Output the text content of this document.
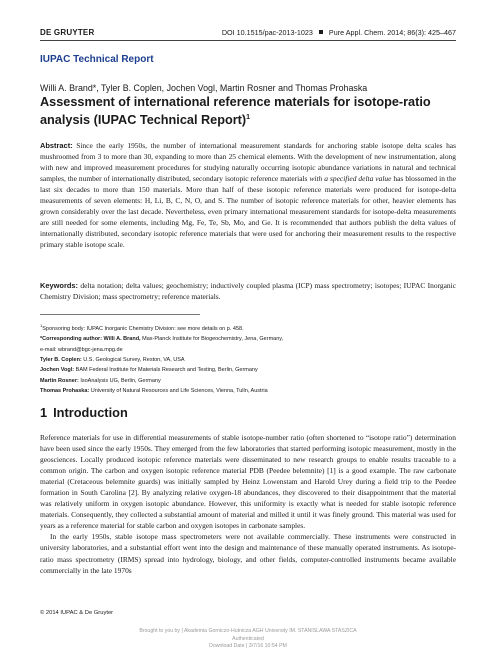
DE GRUYTER	DOI 10.1515/pac-2013-1023 Pure Appl. Chem. 2014; 86(3): 425–467
IUPAC Technical Report
Willi A. Brand*, Tyler B. Coplen, Jochen Vogl, Martin Rosner and Thomas Prohaska
Assessment of international reference materials for isotope-ratio analysis (IUPAC Technical Report)$^1$

Abstract: Since the early 1950s, the number of international measurement standards for anchoring stable isotope delta scales has mushroomed from 3 to more than 30, expanding to more than 25 chemical elements. With the development of new instrumentation, along with new and improved measurement procedures for studying naturally occurring isotopic abundance variations in natural and technical samples, the number of internationally distributed, secondary isotopic reference materials with a specified delta value has blossomed in the last six decades to more than 150 materials. More than half of these isotopic reference materials were produced for isotope-delta measurements of seven elements: H, Li, B, C, N, O, and S. The number of isotopic reference materials for other, heavier elements has grown considerably over the last decade. Nevertheless, even primary international measurement standards for isotope-delta measurements are still needed for some elements, including Mg, Fe, Te, Sb, Mo, and Ge. It is recommended that authors publish the delta values of internationally distributed, secondary isotopic reference materials that were used for anchoring their measurement results to the respective primary stable isotope scale.

Keywords: delta notation; delta values; geochemistry; inductively coupled plasma (ICP) mass spectrometry; isotopes; IUPAC Inorganic Chemistry Division; mass spectrometry; reference materials.

$^1$Sponsoring body: IUPAC Inorganic Chemistry Division: see more details on p. 458.
*Corresponding author: Willi A. Brand, Max-Planck Institute for Biogeochemistry, Jena, Germany,
e-mail: wbrand@bgc-jena.mpg.de
Tyler B. Coplen: U.S. Geological Survey, Reston, VA, USA
Jochen Vogl: BAM Federal Institute for Materials Research and Testing, Berlin, Germany
Martin Rosner: IsoAnalysis UG, Berlin, Germany
Thomas Prohaska: University of Natural Resources and Life Sciences, Vienna, Tulln, Austria
1 Introduction

Reference materials for use in differential measurements of stable isotope-number ratio (often shortened to “isotope ratio”) determination have been used since the early 1950s. They emerged from the few laboratories that started performing isotopic measurement, mostly in the geosciences. Locally produced isotopic reference materials were disseminated to new research groups to enable results traceable to a common origin. The carbon and oxygen isotopic reference material PDB (Peedee belemnite) [1] is a good example. The raw carbonate material (Cretaceous belemnite guards) was initially sampled by Heinz Lowenstam and Harold Urey during a field trip to the Peedee formation in South Carolina [2]. By analyzing relative oxygen-18 abundances, they discovered to their disappointment that the material was relatively uniform in oxygen isotopic abundance. However, this uniformity is exactly what is needed for stable isotopic reference materials. Consequently, they collected a substantial amount of material and milled it until it was finely ground. This material was used for years as a reference material for stable carbon and oxygen isotopes in carbonate samples.

In the early 1950s, stable isotope mass spectrometers were not available commercially. These instruments were constructed in university laboratories, and a substantial effort went into the design and maintenance of these manually operated instruments. As isotope-ratio mass spectrometry (IRMS) spread into hydrology, biology, and other fields, computer-controlled instruments became available commercially in the late 1970s

© 2014 IUPAC & De Gruyter
Brought to you by | Akademia Gorniczo-Hutnicza AGH University IM. STANISLAWA STASZICA
Authenticated
Download Date | 3/7/16 10:54 PM
